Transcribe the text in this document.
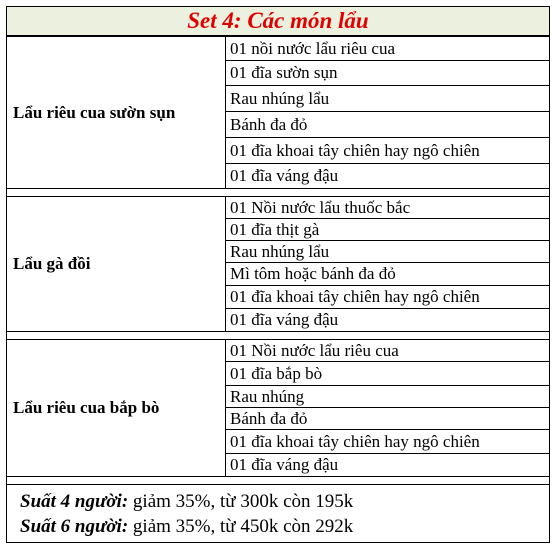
Set 4: Các món lẩu
Lẩu riêu cua sườn sụn	01 nồi nước lẩu riêu cua
	01 đĩa sườn sụn
	Rau nhúng lẩu
	Bánh đa đỏ
	01 đĩa khoai tây chiên hay ngô chiên
	01 đĩa váng đậu

Lẩu gà đồi	01 Nồi nước lẩu thuốc bắc
	01 đĩa thịt gà
	Rau nhúng lẩu
	Mì tôm hoặc bánh đa đỏ
	01 đĩa khoai tây chiên hay ngô chiên
	01 đĩa váng đậu

Lẩu riêu cua bắp bò	01 Nồi nước lẩu riêu cua
	01 đĩa bắp bò
	Rau nhúng
	Bánh đa đỏ
	01 đĩa khoai tây chiên hay ngô chiên
	01 đĩa váng đậu

Suất 4 người: giảm 35%, từ 300k còn 195k
Suất 6 người: giảm 35%, từ 450k còn 292k
